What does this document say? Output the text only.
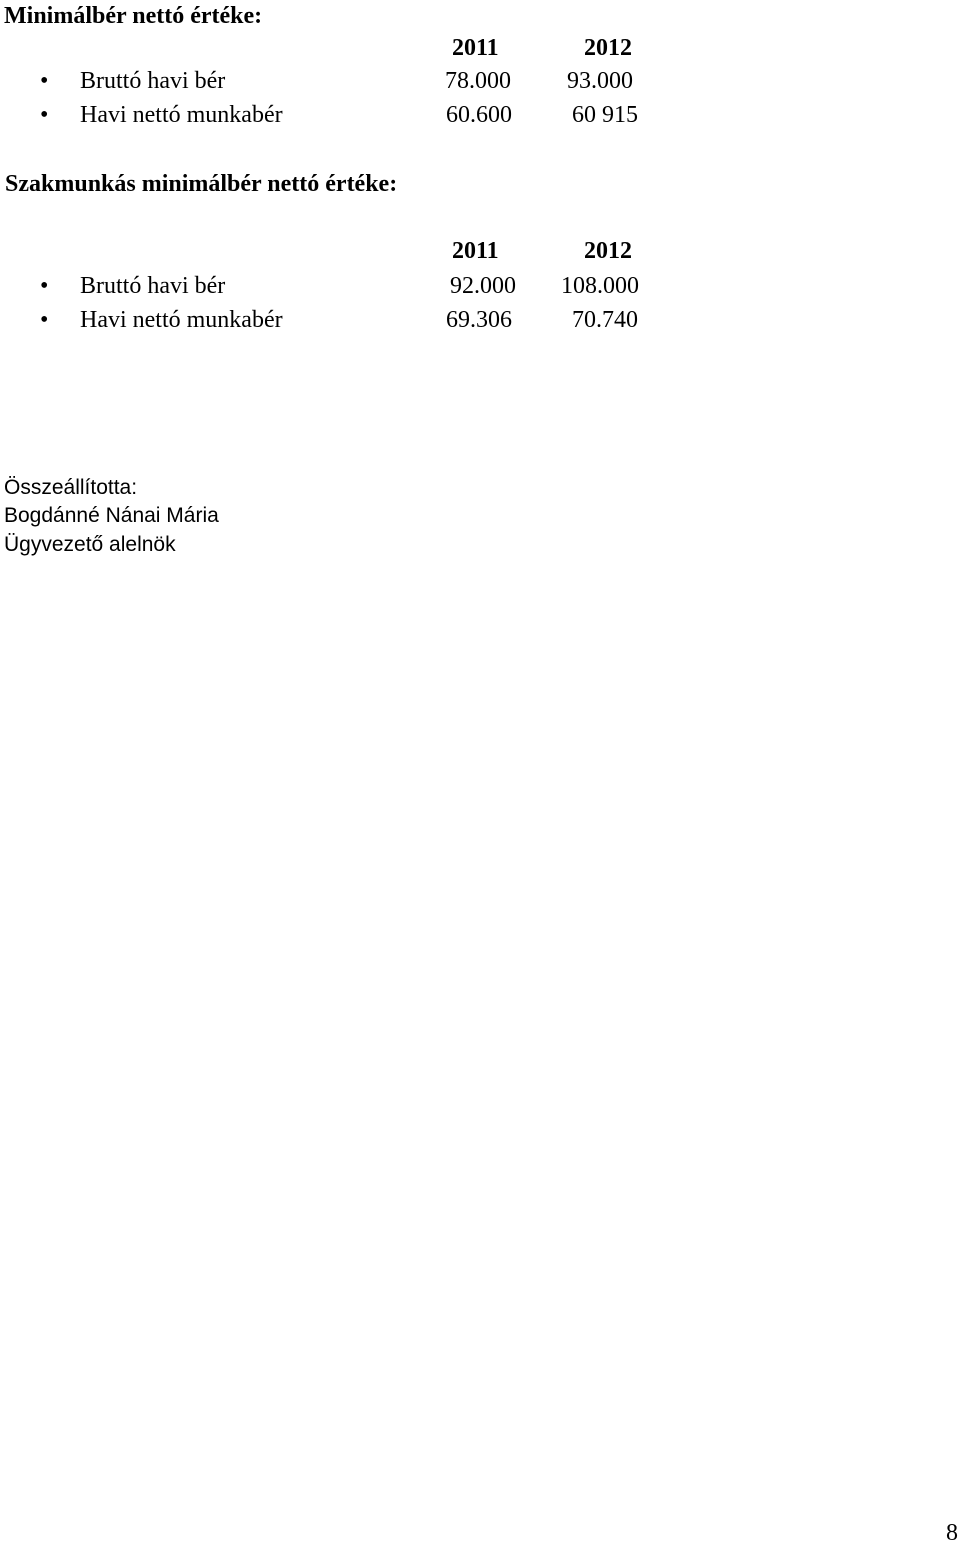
Minimálbér nettó értéke:
2011	2012
• Bruttó havi bér	78.000 93.000
• Havi nettó munkabér	60.600	60 915
Szakmunkás minimálbér nettó értéke:
2011	2012
• Bruttó havi bér	92.000 108.000
• Havi nettó munkabér	69.306	70.740
Összeállította:
Bogdánné Nánai Mária
Ügyvezető alelnök
8
